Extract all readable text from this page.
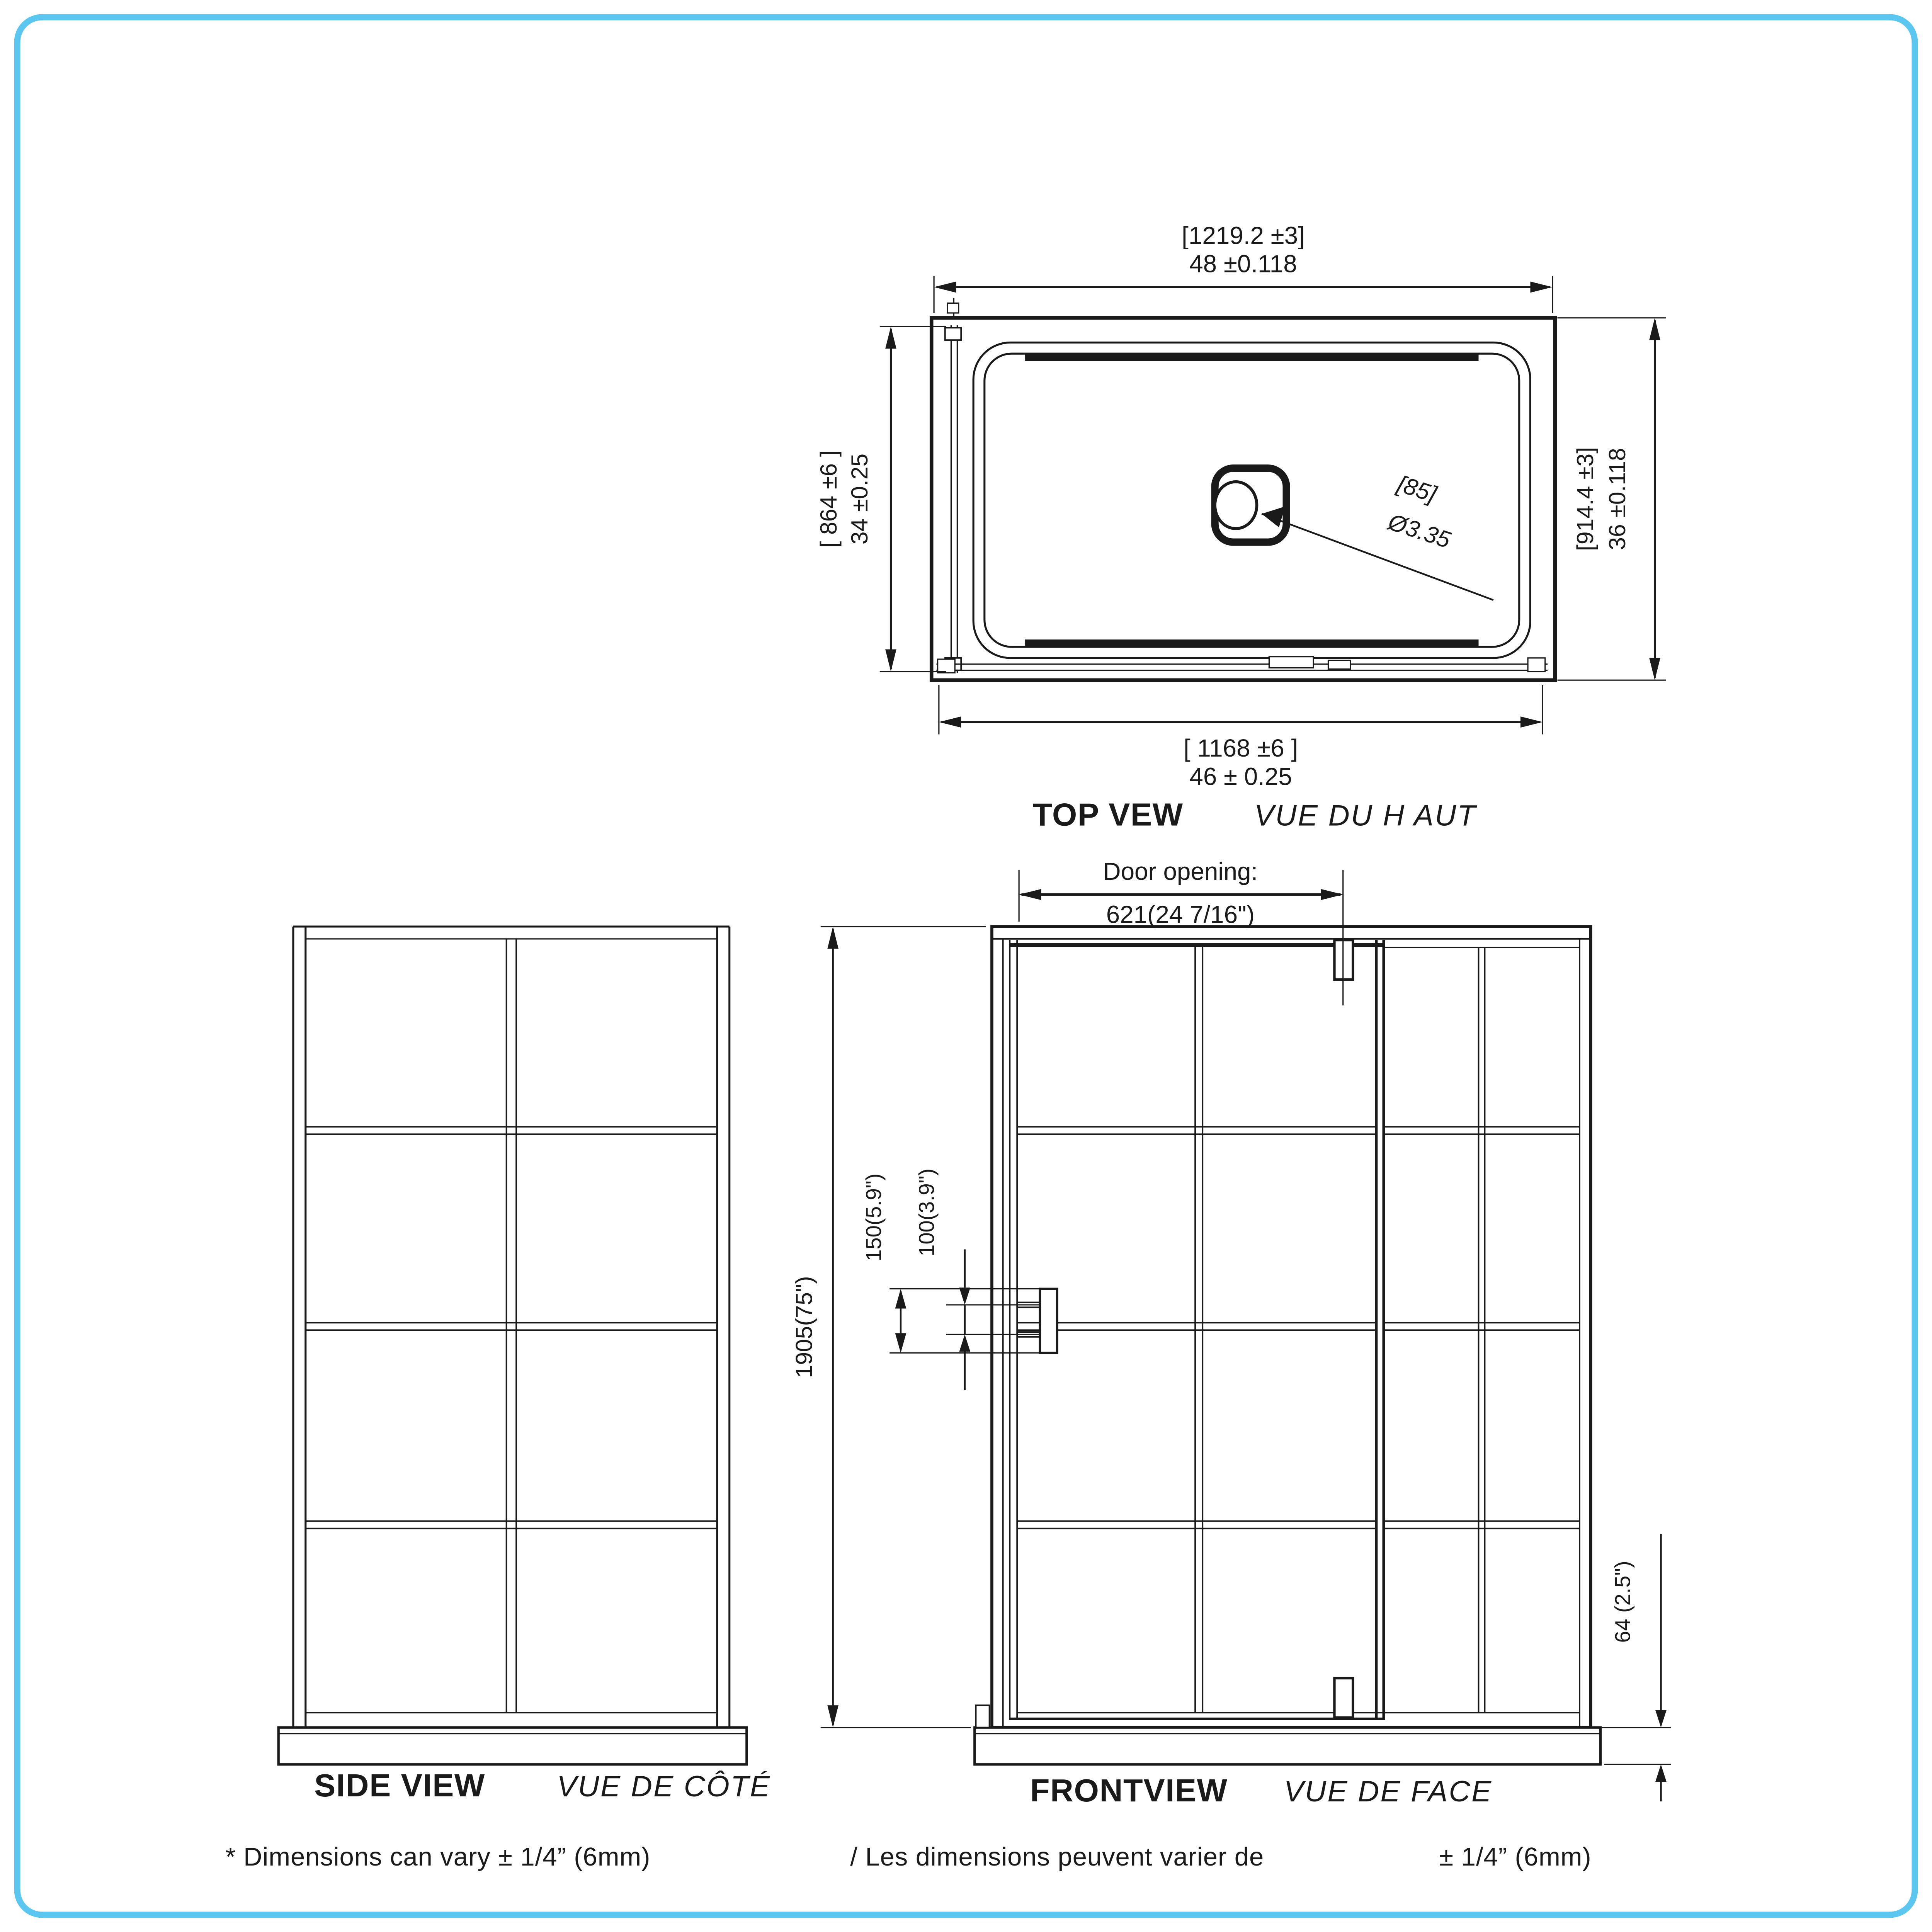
[85]
Ø3.35
[1219.2 ±3]
48 ±0.118
[ 864 ±6 ] 34 ±0.25	[914.4 ±3] 36 ±0.118
[ 1168 ±6 ]
46 ± 0.25
TOP VEW	VUE DU H AUT
SIDE VIEW	VUE DE CÔTÉ
Door opening:
621(24 7/16")
1905(75")
150(5.9")	100(3.9")
64 (2.5")
FRONTVIEW	VUE DE FACE
* Dimensions can vary ± 1/4” (6mm)	/ Les dimensions peuvent varier de	± 1/4” (6mm)
